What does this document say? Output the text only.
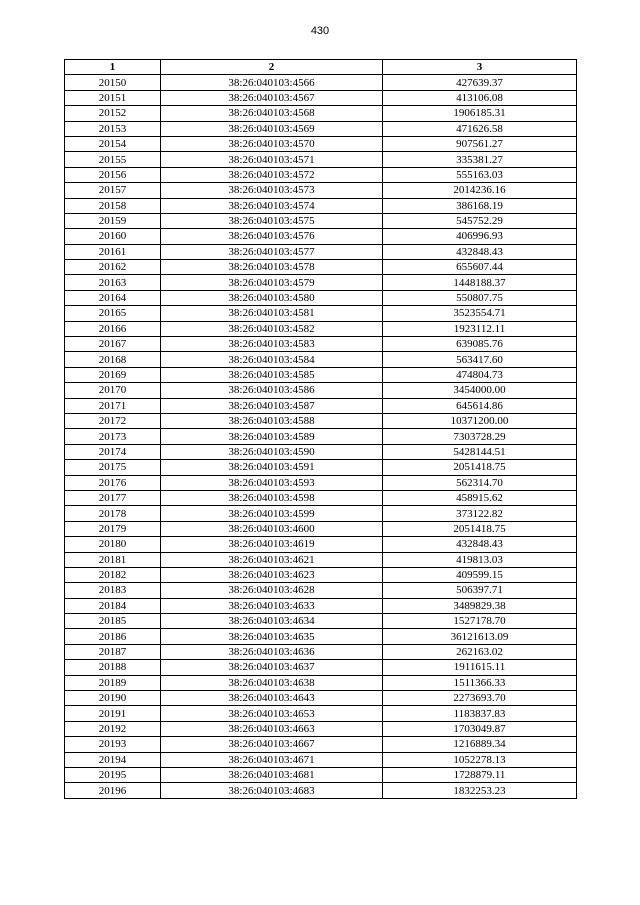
430
1	2	3
20150	38:26:040103:4566	427639.37
20151	38:26:040103:4567	413106.08
20152	38:26:040103:4568	1906185.31
20153	38:26:040103:4569	471626.58
20154	38:26:040103:4570	907561.27
20155	38:26:040103:4571	335381.27
20156	38:26:040103:4572	555163.03
20157	38:26:040103:4573	2014236.16
20158	38:26:040103:4574	386168.19
20159	38:26:040103:4575	545752.29
20160	38:26:040103:4576	406996.93
20161	38:26:040103:4577	432848.43
20162	38:26:040103:4578	655607.44
20163	38:26:040103:4579	1448188.37
20164	38:26:040103:4580	550807.75
20165	38:26:040103:4581	3523554.71
20166	38:26:040103:4582	1923112.11
20167	38:26:040103:4583	639085.76
20168	38:26:040103:4584	563417.60
20169	38:26:040103:4585	474804.73
20170	38:26:040103:4586	3454000.00
20171	38:26:040103:4587	645614.86
20172	38:26:040103:4588	10371200.00
20173	38:26:040103:4589	7303728.29
20174	38:26:040103:4590	5428144.51
20175	38:26:040103:4591	2051418.75
20176	38:26:040103:4593	562314.70
20177	38:26:040103:4598	458915.62
20178	38:26:040103:4599	373122.82
20179	38:26:040103:4600	2051418.75
20180	38:26:040103:4619	432848.43
20181	38:26:040103:4621	419813.03
20182	38:26:040103:4623	409599.15
20183	38:26:040103:4628	506397.71
20184	38:26:040103:4633	3489829.38
20185	38:26:040103:4634	1527178.70
20186	38:26:040103:4635	36121613.09
20187	38:26:040103:4636	262163.02
20188	38:26:040103:4637	1911615.11
20189	38:26:040103:4638	1511366.33
20190	38:26:040103:4643	2273693.70
20191	38:26:040103:4653	1183837.83
20192	38:26:040103:4663	1703049.87
20193	38:26:040103:4667	1216889.34
20194	38:26:040103:4671	1052278.13
20195	38:26:040103:4681	1728879.11
20196	38:26:040103:4683	1832253.23
